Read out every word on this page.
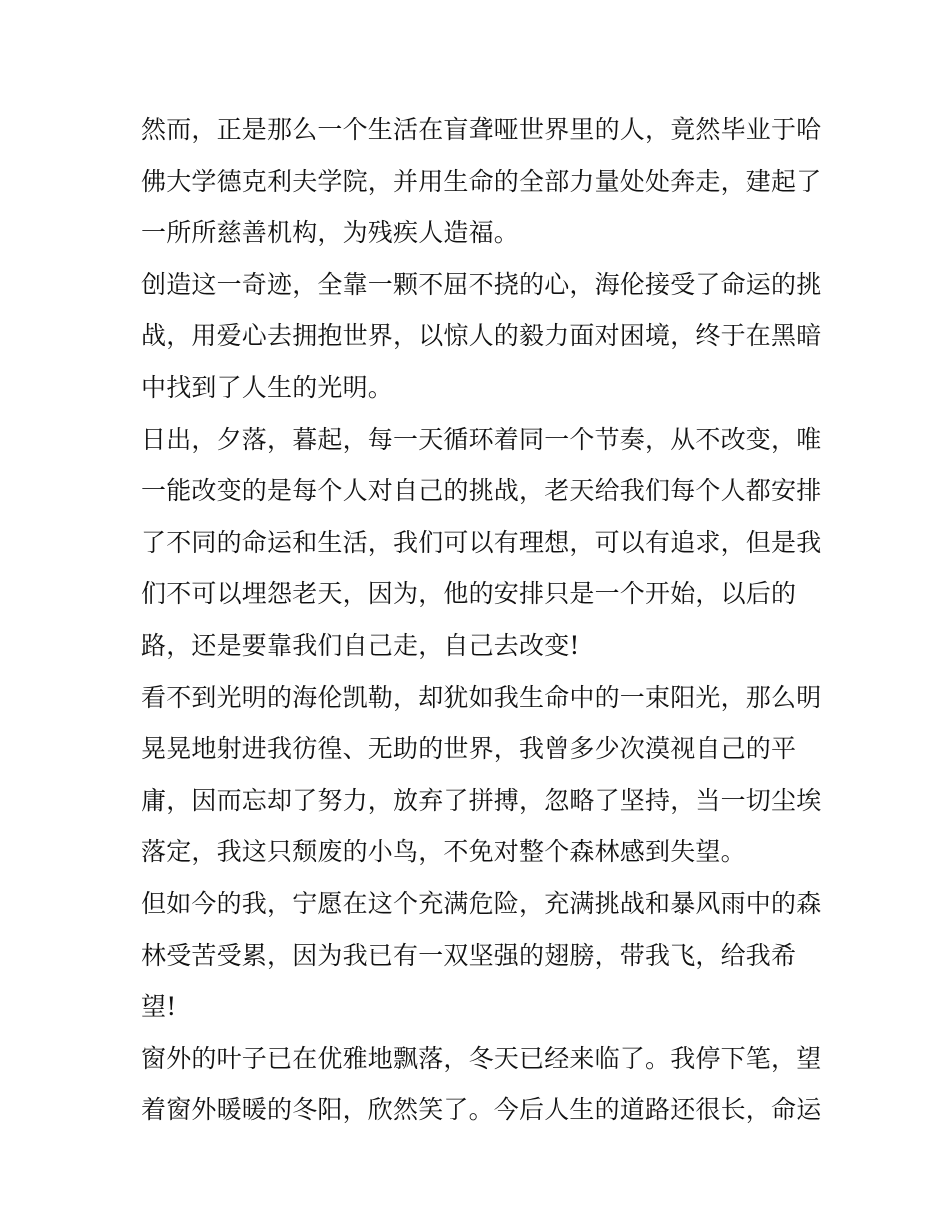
然而，正是那么一个生活在盲聋哑世界里的人，竟然毕业于哈
佛大学德克利夫学院，并用生命的全部力量处处奔走，建起了
一所所慈善机构，为残疾人造福。
创造这一奇迹，全靠一颗不屈不挠的心，海伦接受了命运的挑
战，用爱心去拥抱世界，以惊人的毅力面对困境，终于在黑暗
中找到了人生的光明。
日出，夕落，暮起，每一天循环着同一个节奏，从不改变，唯
一能改变的是每个人对自己的挑战，老天给我们每个人都安排
了不同的命运和生活，我们可以有理想，可以有追求，但是我
们不可以埋怨老天，因为，他的安排只是一个开始，以后的
路，还是要靠我们自己走，自己去改变!
看不到光明的海伦凯勒，却犹如我生命中的一束阳光，那么明
晃晃地射进我彷徨、无助的世界，我曾多少次漠视自己的平
庸，因而忘却了努力，放弃了拼搏，忽略了坚持，当一切尘埃
落定，我这只颓废的小鸟，不免对整个森林感到失望。
但如今的我，宁愿在这个充满危险，充满挑战和暴风雨中的森
林受苦受累，因为我已有一双坚强的翅膀，带我飞，给我希
望!
窗外的叶子已在优雅地飘落，冬天已经来临了。我停下笔，望
着窗外暖暖的冬阳，欣然笑了。今后人生的道路还很长，命运
